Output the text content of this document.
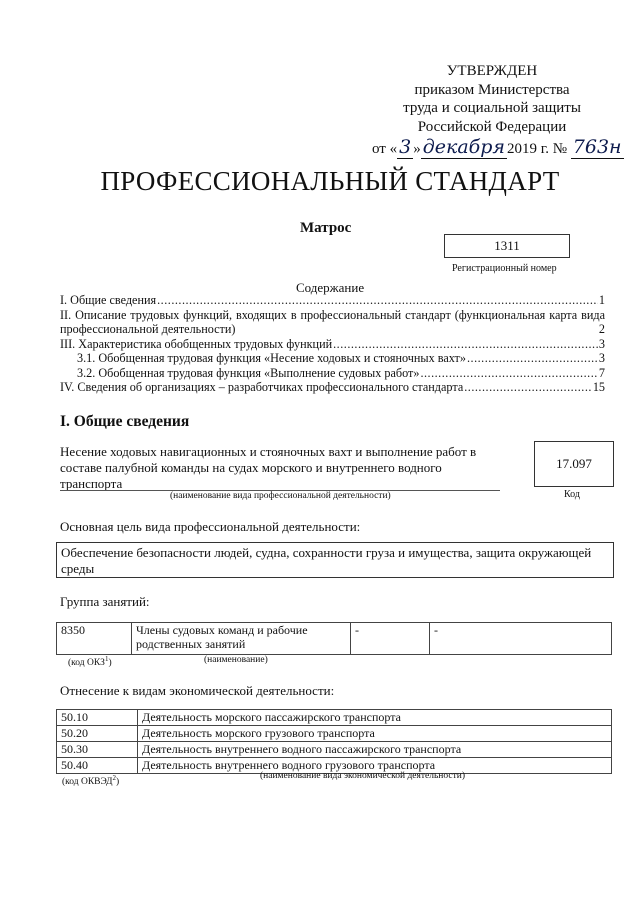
УТВЕРЖДЕН
приказом Министерства
труда и социальной защиты
Российской Федерации
от « 3 » декабря 2019 г. № 763н
ПРОФЕССИОНАЛЬНЫЙ СТАНДАРТ
Матрос
1311
Регистрационный номер
Содержание
I. Общие сведения .....	1
II. Описание трудовых функций, входящих в профессиональный стандарт (функциональная карта вида профессиональной деятельности)	2
III. Характеристика обобщенных трудовых функций .....	3
3.1. Обобщенная трудовая функция «Несение ходовых и стояночных вахт» .....	3
3.2. Обобщенная трудовая функция «Выполнение судовых работ» .....	7
IV. Сведения об организациях – разработчиках профессионального стандарта .....	15
I. Общие сведения
Несение ходовых навигационных и стояночных вахт и выполнение работ в составе палубной команды на судах морского и внутреннего водного транспорта
(наименование вида профессиональной деятельности)
17.097
Код
Основная цель вида профессиональной деятельности:
Обеспечение безопасности людей, судна, сохранности груза и имущества, защита окружающей среды
Группа занятий:
8350	Члены судовых команд и рабочие родственных занятий	-	-
(код ОКЗ$^1$)	(наименование)
Отнесение к видам экономической деятельности:
50.10	Деятельность морского пассажирского транспорта
50.20	Деятельность морского грузового транспорта
50.30	Деятельность внутреннего водного пассажирского транспорта
50.40	Деятельность внутреннего водного грузового транспорта
(код ОКВЭД$^2$)
(наименование вида экономической деятельности)
